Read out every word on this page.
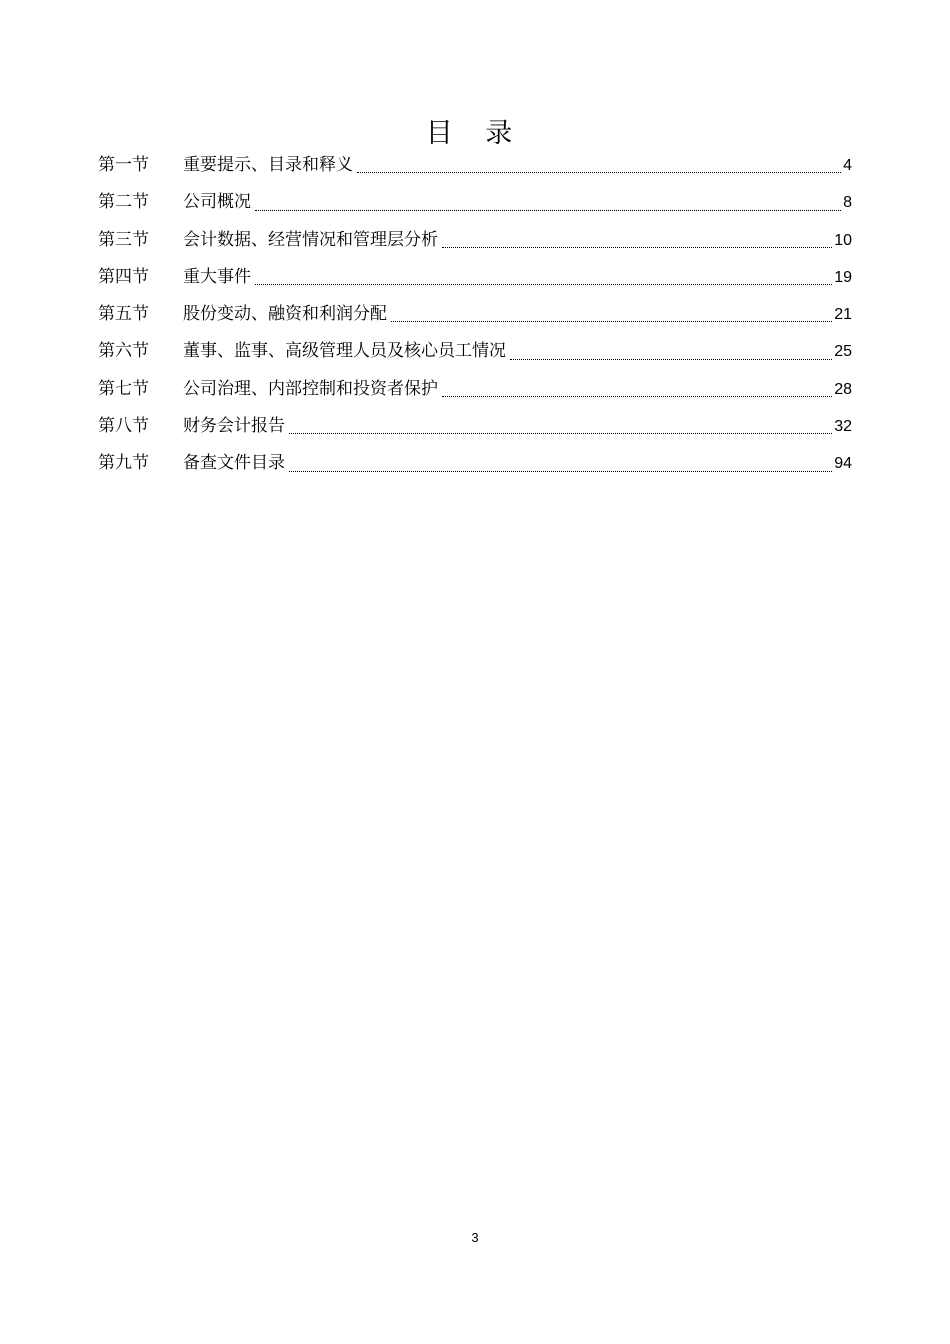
目 录
第一节	重要提示、目录和释义	4
第二节	公司概况	8
第三节	会计数据、经营情况和管理层分析	10
第四节	重大事件	19
第五节	股份变动、融资和利润分配	21
第六节	董事、监事、高级管理人员及核心员工情况	25
第七节	公司治理、内部控制和投资者保护	28
第八节	财务会计报告	32
第九节	备查文件目录	94
3
